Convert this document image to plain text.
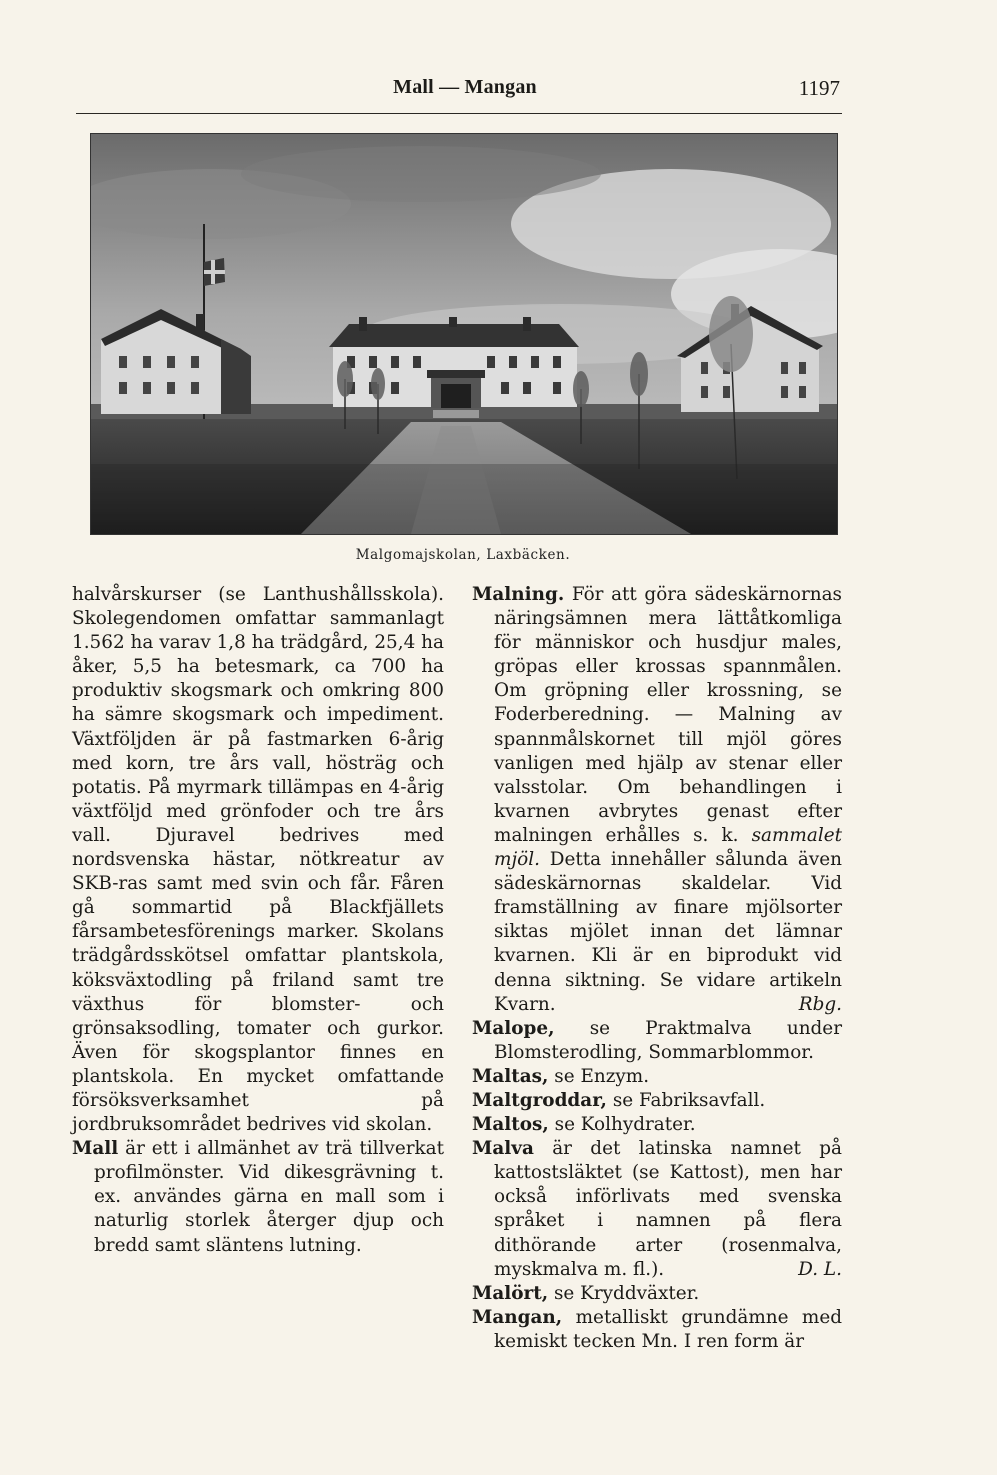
Mall — Mangan	1197
Malgomajskolan, Laxbäcken.

halvårskurser (se Lanthushållsskola). Skolegendomen omfattar sammanlagt 1.562 ha varav 1,8 ha trädgård, 25,4 ha åker, 5,5 ha betesmark, ca 700 ha produktiv skogsmark och omkring 800 ha sämre skogsmark och impediment. Växtföljden är på fastmarken 6-årig med korn, tre års vall, hösträg och potatis. På myrmark tillämpas en 4-årig växtföljd med grönfoder och tre års vall. Djuravel bedrives med nordsvenska hästar, nötkreatur av SKB-ras samt med svin och får. Fåren gå sommartid på Blackfjällets fårsambetesförenings marker. Skolans trädgårdsskötsel omfattar plantskola, köksväxtodling på friland samt tre växthus för blomster- och grönsaksodling, tomater och gurkor. Även för skogsplantor finnes en plantskola. En mycket omfattande försöksverksamhet på jordbruksområdet bedrives vid skolan.

Mall är ett i allmänhet av trä tillverkat profilmönster. Vid dikesgrävning t. ex. användes gärna en mall som i naturlig storlek återger djup och bredd samt släntens lutning.

Malning. För att göra sädeskärnornas näringsämnen mera lättåtkomliga för människor och husdjur males, gröpas eller krossas spannmålen. Om gröpning eller krossning, se Foderberedning. — Malning av spannmålskornet till mjöl göres vanligen med hjälp av stenar eller valsstolar. Om behandlingen i kvarnen avbrytes genast efter malningen erhålles s. k. sammalet mjöl. Detta innehåller sålunda även sädeskärnornas skaldelar. Vid framställning av finare mjölsorter siktas mjölet innan det lämnar kvarnen. Kli är en biprodukt vid denna siktning. Se vidare artikeln Kvarn.	Rbg.

Malope, se Praktmalva under Blomsterodling, Sommarblommor.

Maltas, se Enzym.

Maltgroddar, se Fabriksavfall.

Maltos, se Kolhydrater.

Malva är det latinska namnet på kattostsläktet (se Kattost), men har också införlivats med svenska språket i namnen på flera dithörande arter (rosenmalva, myskmalva m. fl.).	D. L.

Malört, se Kryddväxter.

Mangan, metalliskt grundämne med kemiskt tecken Mn. I ren form är
